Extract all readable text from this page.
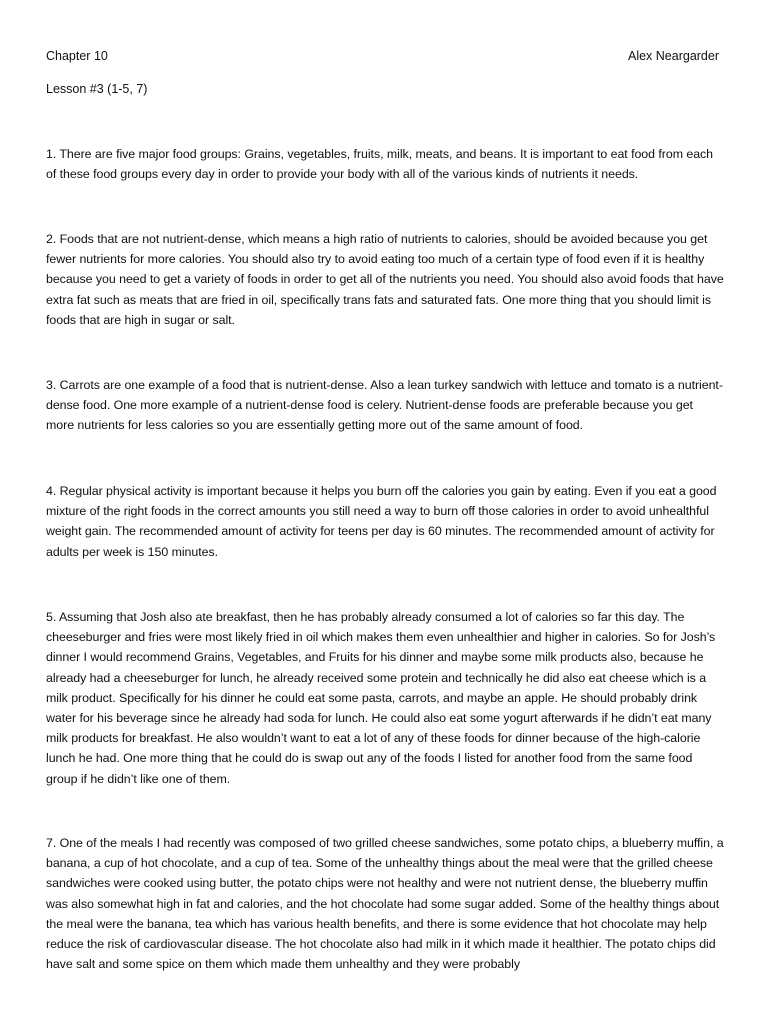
Chapter 10	Alex Neargarder
Lesson #3 (1-5, 7)

1. There are five major food groups: Grains, vegetables, fruits, milk, meats, and beans. It is important to eat food from each of these food groups every day in order to provide your body with all of the various kinds of nutrients it needs.

2. Foods that are not nutrient-dense, which means a high ratio of nutrients to calories, should be avoided because you get fewer nutrients for more calories. You should also try to avoid eating too much of a certain type of food even if it is healthy because you need to get a variety of foods in order to get all of the nutrients you need. You should also avoid foods that have extra fat such as meats that are fried in oil, specifically trans fats and saturated fats. One more thing that you should limit is foods that are high in sugar or salt.

3. Carrots are one example of a food that is nutrient-dense. Also a lean turkey sandwich with lettuce and tomato is a nutrient-dense food. One more example of a nutrient-dense food is celery. Nutrient-dense foods are preferable because you get more nutrients for less calories so you are essentially getting more out of the same amount of food.

4. Regular physical activity is important because it helps you burn off the calories you gain by eating. Even if you eat a good mixture of the right foods in the correct amounts you still need a way to burn off those calories in order to avoid unhealthful weight gain. The recommended amount of activity for teens per day is 60 minutes. The recommended amount of activity for adults per week is 150 minutes.

5. Assuming that Josh also ate breakfast, then he has probably already consumed a lot of calories so far this day. The cheeseburger and fries were most likely fried in oil which makes them even unhealthier and higher in calories. So for Josh’s dinner I would recommend Grains, Vegetables, and Fruits for his dinner and maybe some milk products also, because he already had a cheeseburger for lunch, he already received some protein and technically he did also eat cheese which is a milk product. Specifically for his dinner he could eat some pasta, carrots, and maybe an apple. He should probably drink water for his beverage since he already had soda for lunch. He could also eat some yogurt afterwards if he didn’t eat many milk products for breakfast. He also wouldn’t want to eat a lot of any of these foods for dinner because of the high-calorie lunch he had. One more thing that he could do is swap out any of the foods I listed for another food from the same food group if he didn’t like one of them.

7. One of the meals I had recently was composed of two grilled cheese sandwiches, some potato chips, a blueberry muffin, a banana, a cup of hot chocolate, and a cup of tea. Some of the unhealthy things about the meal were that the grilled cheese sandwiches were cooked using butter, the potato chips were not healthy and were not nutrient dense, the blueberry muffin was also somewhat high in fat and calories, and the hot chocolate had some sugar added. Some of the healthy things about the meal were the banana, tea which has various health benefits, and there is some evidence that hot chocolate may help reduce the risk of cardiovascular disease. The hot chocolate also had milk in it which made it healthier. The potato chips did have salt and some spice on them which made them unhealthy and they were probably
